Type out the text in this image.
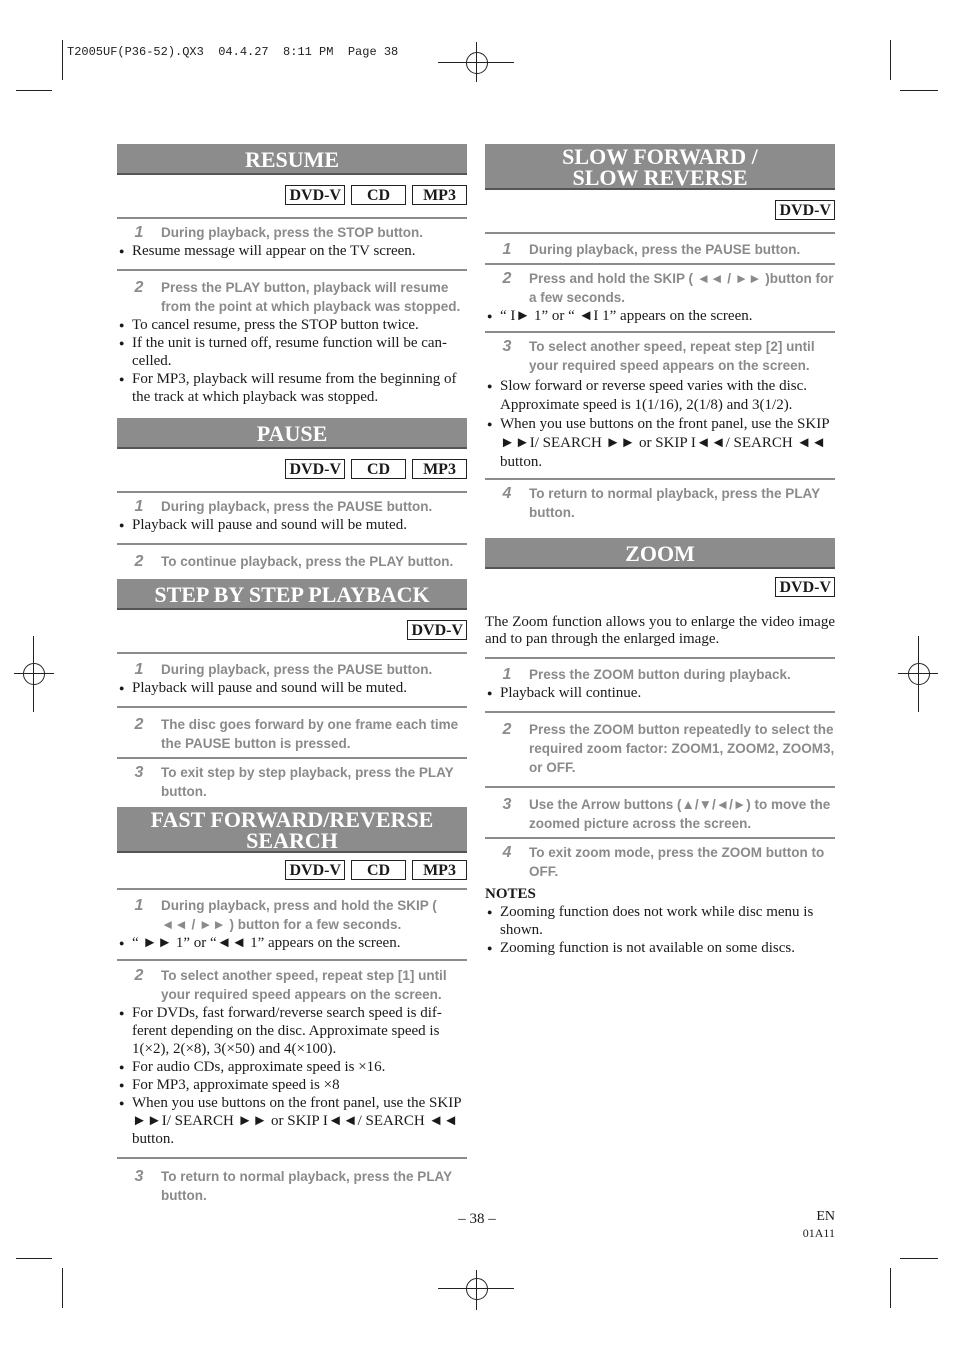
T2005UF(P36-52).QX3  04.4.27  8:11 PM  Page 38
RESUME
DVD-V	CD	MP3
1	During playback, press the STOP button.
● Resume message will appear on the TV screen.
2	Press the PLAY button, playback will resume from the point at which playback was stopped.
● To cancel resume, press the STOP button twice.
● If the unit is turned off, resume function will be can-celled.
● For MP3, playback will resume from the beginning of the track at which playback was stopped.
PAUSE
DVD-V	CD	MP3
1	During playback, press the PAUSE button.
● Playback will pause and sound will be muted.
2	To continue playback, press the PLAY button.
STEP BY STEP PLAYBACK
DVD-V
1	During playback, press the PAUSE button.
● Playback will pause and sound will be muted.
2	The disc goes forward by one frame each time the PAUSE button is pressed.
3	To exit step by step playback, press the PLAY button.
FAST FORWARD/REVERSE
SEARCH
DVD-V	CD	MP3
1	During playback, press and hold the SKIP ( ◄◄ / ►► ) button for a few seconds.
● “ ►► 1” or “◄◄ 1” appears on the screen.
2	To select another speed, repeat step [1] until your required speed appears on the screen.
● For DVDs, fast forward/reverse search speed is dif-ferent depending on the disc. Approximate speed is 1(×2), 2(×8), 3(×50) and 4(×100).
● For audio CDs, approximate speed is ×16.
● For MP3, approximate speed is ×8
● When you use buttons on the front panel, use the SKIP ►►I/ SEARCH ►► or SKIP I◄◄/ SEARCH ◄◄ button.
3	To return to normal playback, press the PLAY button.
SLOW FORWARD /
SLOW REVERSE
DVD-V
1	During playback, press the PAUSE button.
2	Press and hold the SKIP ( ◄◄ / ►► )button for a few seconds.
● “ I► 1” or “ ◄I 1” appears on the screen.
3	To select another speed, repeat step [2] until your required speed appears on the screen.
● Slow forward or reverse speed varies with the disc. Approximate speed is 1(1/16), 2(1/8) and 3(1/2).
● When you use buttons on the front panel, use the SKIP ►►I/ SEARCH ►► or SKIP I◄◄/ SEARCH ◄◄ button.
4	To return to normal playback, press the PLAY button.
ZOOM
DVD-V
The Zoom function allows you to enlarge the video image and to pan through the enlarged image.
1	Press the ZOOM button during playback.
● Playback will continue.
2	Press the ZOOM button repeatedly to select the required zoom factor: ZOOM1, ZOOM2, ZOOM3, or OFF.
3	Use the Arrow buttons (▲/▼/◄/►) to move the zoomed picture across the screen.
4	To exit zoom mode, press the ZOOM button to OFF.
NOTES
● Zooming function does not work while disc menu is shown.
● Zooming function is not available on some discs.
– 38 –	EN
01A11
